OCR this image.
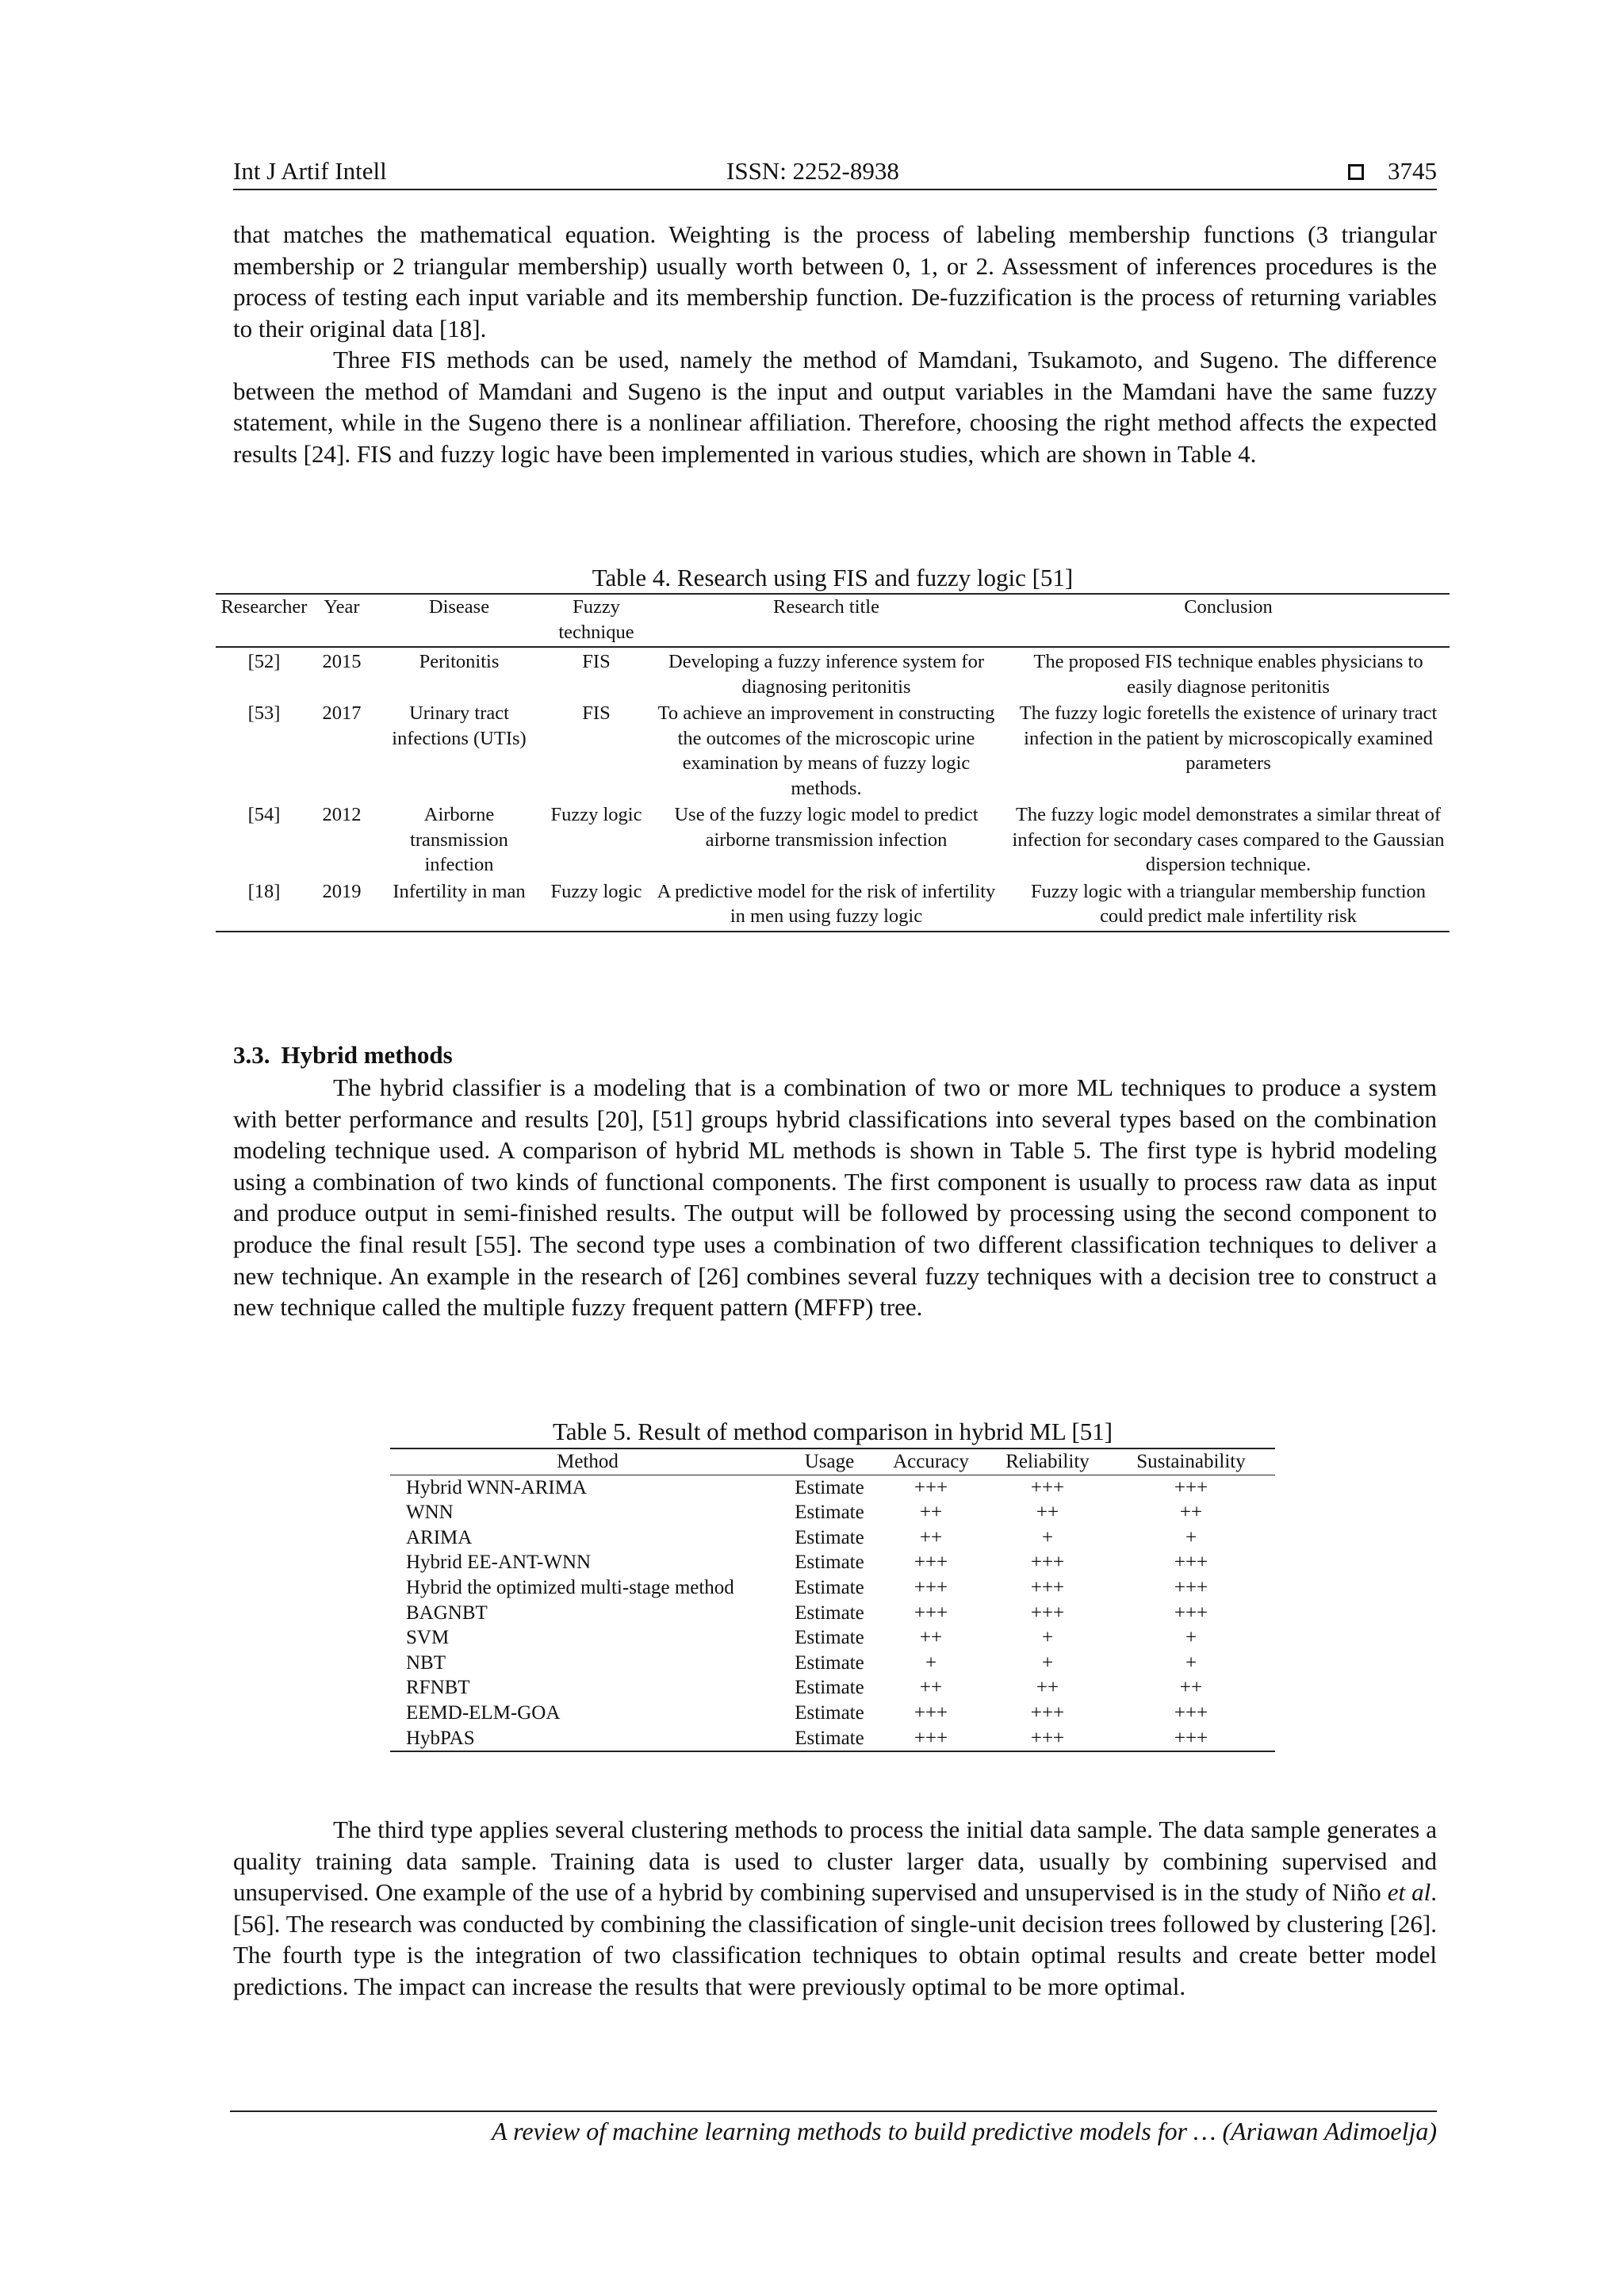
Int J Artif Intell	ISSN: 2252-8938	3745

that matches the mathematical equation. Weighting is the process of labeling membership functions (3 triangular membership or 2 triangular membership) usually worth between 0, 1, or 2. Assessment of inferences procedures is the process of testing each input variable and its membership function. De-fuzzification is the process of returning variables to their original data [18].

Three FIS methods can be used, namely the method of Mamdani, Tsukamoto, and Sugeno. The difference between the method of Mamdani and Sugeno is the input and output variables in the Mamdani have the same fuzzy statement, while in the Sugeno there is a nonlinear affiliation. Therefore, choosing the right method affects the expected results [24]. FIS and fuzzy logic have been implemented in various studies, which are shown in Table 4.

Table 4. Research using FIS and fuzzy logic [51]
Researcher	Year	Disease	Fuzzy technique	Research title	Conclusion
[52]	2015	Peritonitis	FIS	Developing a fuzzy inference system for diagnosing peritonitis	The proposed FIS technique enables physicians to easily diagnose peritonitis
[53]	2017	Urinary tract infections (UTIs)	FIS	To achieve an improvement in constructing the outcomes of the microscopic urine examination by means of fuzzy logic methods.	The fuzzy logic foretells the existence of urinary tract infection in the patient by microscopically examined parameters
[54]	2012	Airborne transmission infection	Fuzzy logic	Use of the fuzzy logic model to predict airborne transmission infection	The fuzzy logic model demonstrates a similar threat of infection for secondary cases compared to the Gaussian dispersion technique.
[18]	2019	Infertility in man	Fuzzy logic	A predictive model for the risk of infertility in men using fuzzy logic	Fuzzy logic with a triangular membership function could predict male infertility risk
3.3. Hybrid methods

The hybrid classifier is a modeling that is a combination of two or more ML techniques to produce a system with better performance and results [20], [51] groups hybrid classifications into several types based on the combination modeling technique used. A comparison of hybrid ML methods is shown in Table 5. The first type is hybrid modeling using a combination of two kinds of functional components. The first component is usually to process raw data as input and produce output in semi-finished results. The output will be followed by processing using the second component to produce the final result [55]. The second type uses a combination of two different classification techniques to deliver a new technique. An example in the research of [26] combines several fuzzy techniques with a decision tree to construct a new technique called the multiple fuzzy frequent pattern (MFFP) tree.

Table 5. Result of method comparison in hybrid ML [51]
Method	Usage	Accuracy	Reliability	Sustainability
Hybrid WNN-ARIMA	Estimate	+++	+++	+++
WNN	Estimate	++	++	++
ARIMA	Estimate	++	+	+
Hybrid EE-ANT-WNN	Estimate	+++	+++	+++
Hybrid the optimized multi-stage method	Estimate	+++	+++	+++
BAGNBT	Estimate	+++	+++	+++
SVM	Estimate	++	+	+
NBT	Estimate	+	+	+
RFNBT	Estimate	++	++	++
EEMD-ELM-GOA	Estimate	+++	+++	+++
HybPAS	Estimate	+++	+++	+++

The third type applies several clustering methods to process the initial data sample. The data sample generates a quality training data sample. Training data is used to cluster larger data, usually by combining supervised and unsupervised. One example of the use of a hybrid by combining supervised and unsupervised is in the study of Niño et al. [56]. The research was conducted by combining the classification of single-unit decision trees followed by clustering [26]. The fourth type is the integration of two classification techniques to obtain optimal results and create better model predictions. The impact can increase the results that were previously optimal to be more optimal.

A review of machine learning methods to build predictive models for … (Ariawan Adimoelja)
